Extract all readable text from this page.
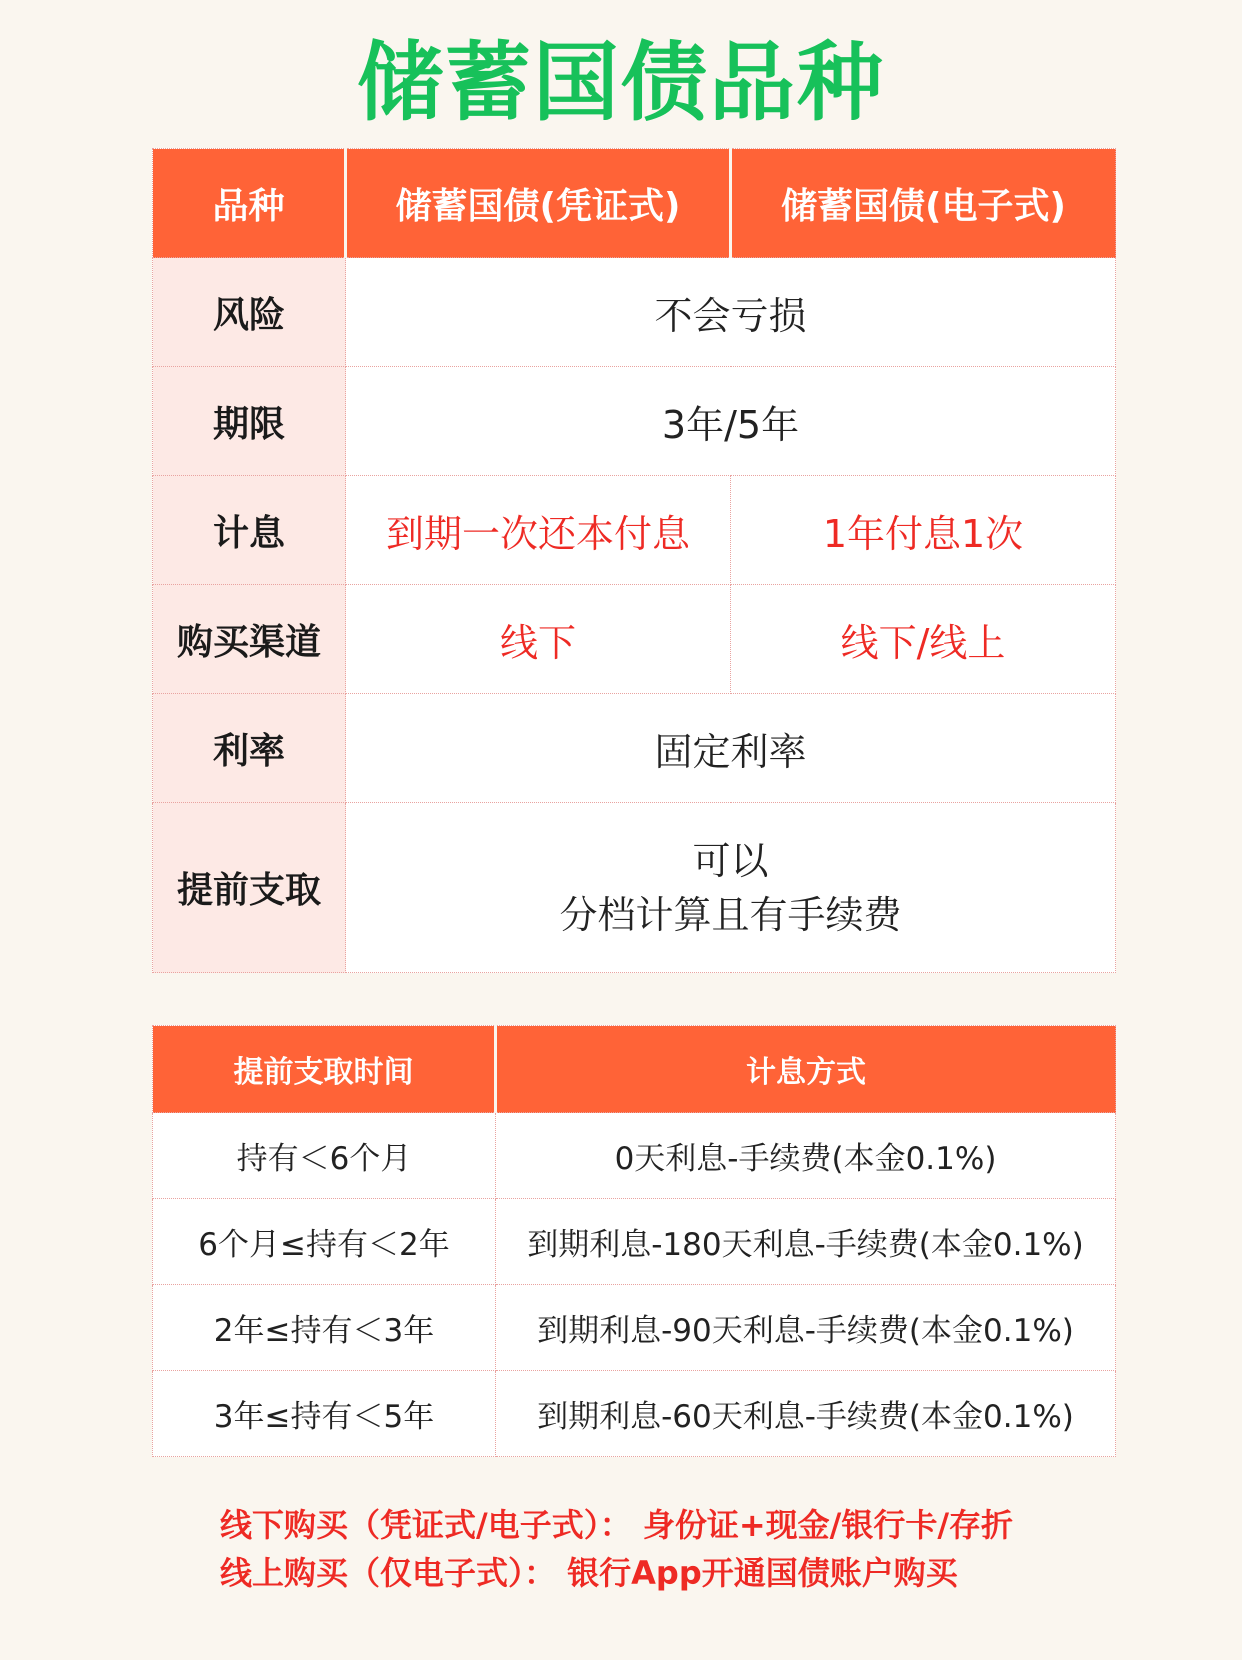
储蓄国债品种
品种	储蓄国债(凭证式)	储蓄国债(电子式)
风险	不会亏损	
期限	3年/5年	
计息	到期一次还本付息	1年付息1次
购买渠道	线下	线下/线上
利率	固定利率	
提前支取	可以
分档计算且有手续费	
提前支取时间	计息方式
持有＜6个月	0天利息-手续费(本金0.1%)
6个月≤持有＜2年	到期利息-180天利息-手续费(本金0.1%)
2年≤持有＜3年	到期利息-90天利息-手续费(本金0.1%)
3年≤持有＜5年	到期利息-60天利息-手续费(本金0.1%)
线下购买（凭证式/电子式）： 身份证+现金/银行卡/存折
线上购买（仅电子式）： 银行App开通国债账户购买
